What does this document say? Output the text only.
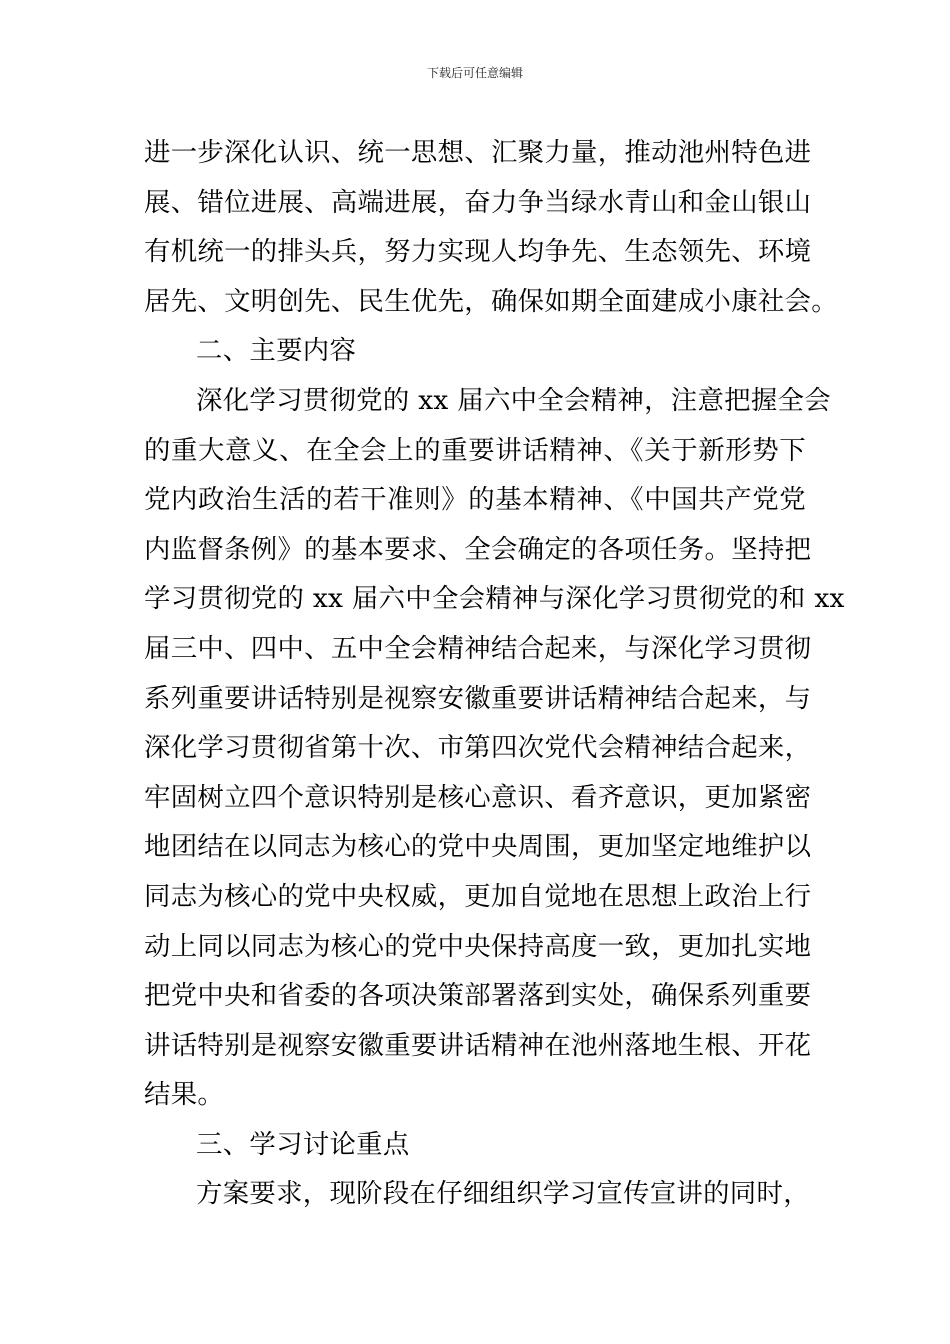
下载后可任意编辑
进一步深化认识、统一思想、汇聚力量，推动池州特色进
展、错位进展、高端进展，奋力争当绿水青山和金山银山
有机统一的排头兵，努力实现人均争先、生态领先、环境
居先、文明创先、民生优先，确保如期全面建成小康社会。
二、主要内容
深化学习贯彻党的 xx 届六中全会精神，注意把握全会
的重大意义、在全会上的重要讲话精神、《关于新形势下
党内政治生活的若干准则》的基本精神、《中国共产党党
内监督条例》的基本要求、全会确定的各项任务。坚持把
学习贯彻党的 xx 届六中全会精神与深化学习贯彻党的和 xx
届三中、四中、五中全会精神结合起来，与深化学习贯彻
系列重要讲话特别是视察安徽重要讲话精神结合起来，与
深化学习贯彻省第十次、市第四次党代会精神结合起来，
牢固树立四个意识特别是核心意识、看齐意识，更加紧密
地团结在以同志为核心的党中央周围，更加坚定地维护以
同志为核心的党中央权威，更加自觉地在思想上政治上行
动上同以同志为核心的党中央保持高度一致，更加扎实地
把党中央和省委的各项决策部署落到实处，确保系列重要
讲话特别是视察安徽重要讲话精神在池州落地生根、开花
结果。
三、学习讨论重点
方案要求，现阶段在仔细组织学习宣传宣讲的同时，
